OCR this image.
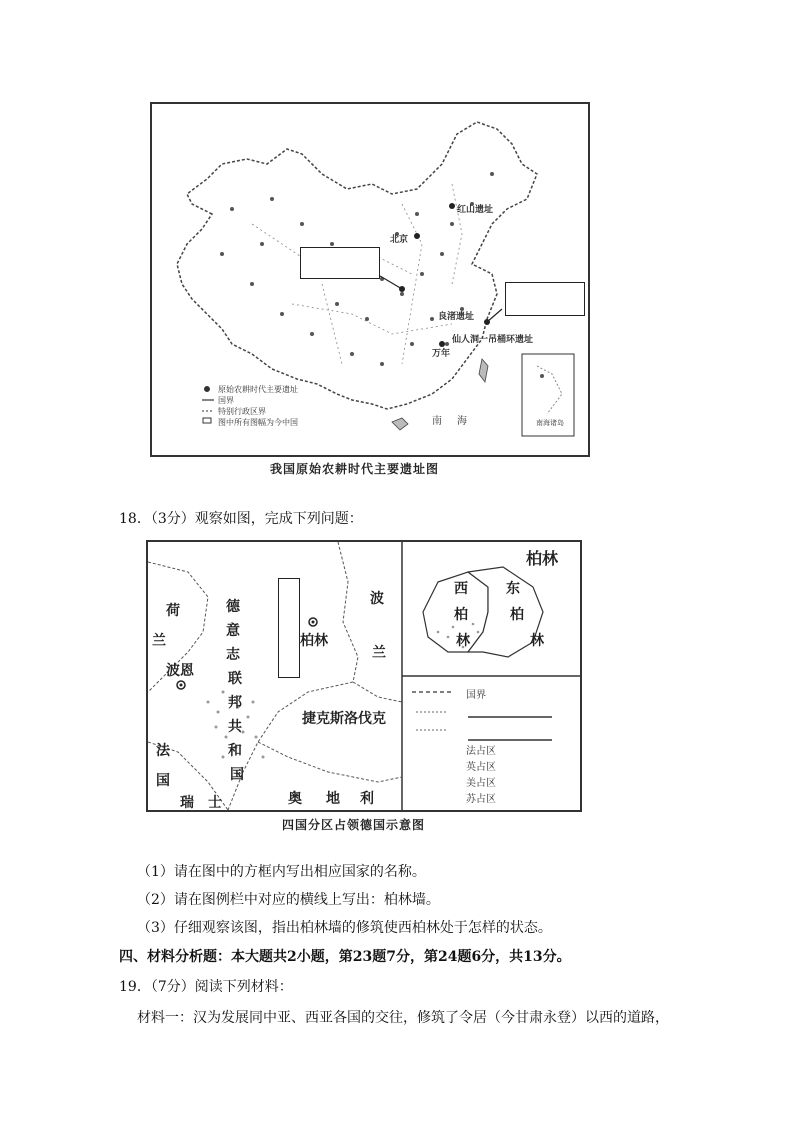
红山遗址
北京
良渚遗址
仙人洞一吊桶环遗址
万年
南 海	南海诸岛
原始农耕时代主要遗址
国界
特别行政区界
图中所有图幅为今中国
我国原始农耕时代主要遗址图
18．（3分）观察如图，完成下列问题：
荷
兰
波
兰
德
意
志
联
邦
共
和
国
柏林
波恩
捷克斯洛伐克
法
国
瑞　士	奥 地 利
柏林
西
柏
林
东
柏
林
国界
法占区
英占区
美占区
苏占区
四国分区占领德国示意图
（1）请在图中的方框内写出相应国家的名称。
（2）请在图例栏中对应的横线上写出：柏林墙。
（3）仔细观察该图，指出柏林墙的修筑使西柏林处于怎样的状态。
四、材料分析题：本大题共2小题，第23题7分，第24题6分，共13分。
19．（7分）阅读下列材料：
材料一：汉为发展同中亚、西亚各国的交往，修筑了令居（今甘肃永登）以西的道路，
